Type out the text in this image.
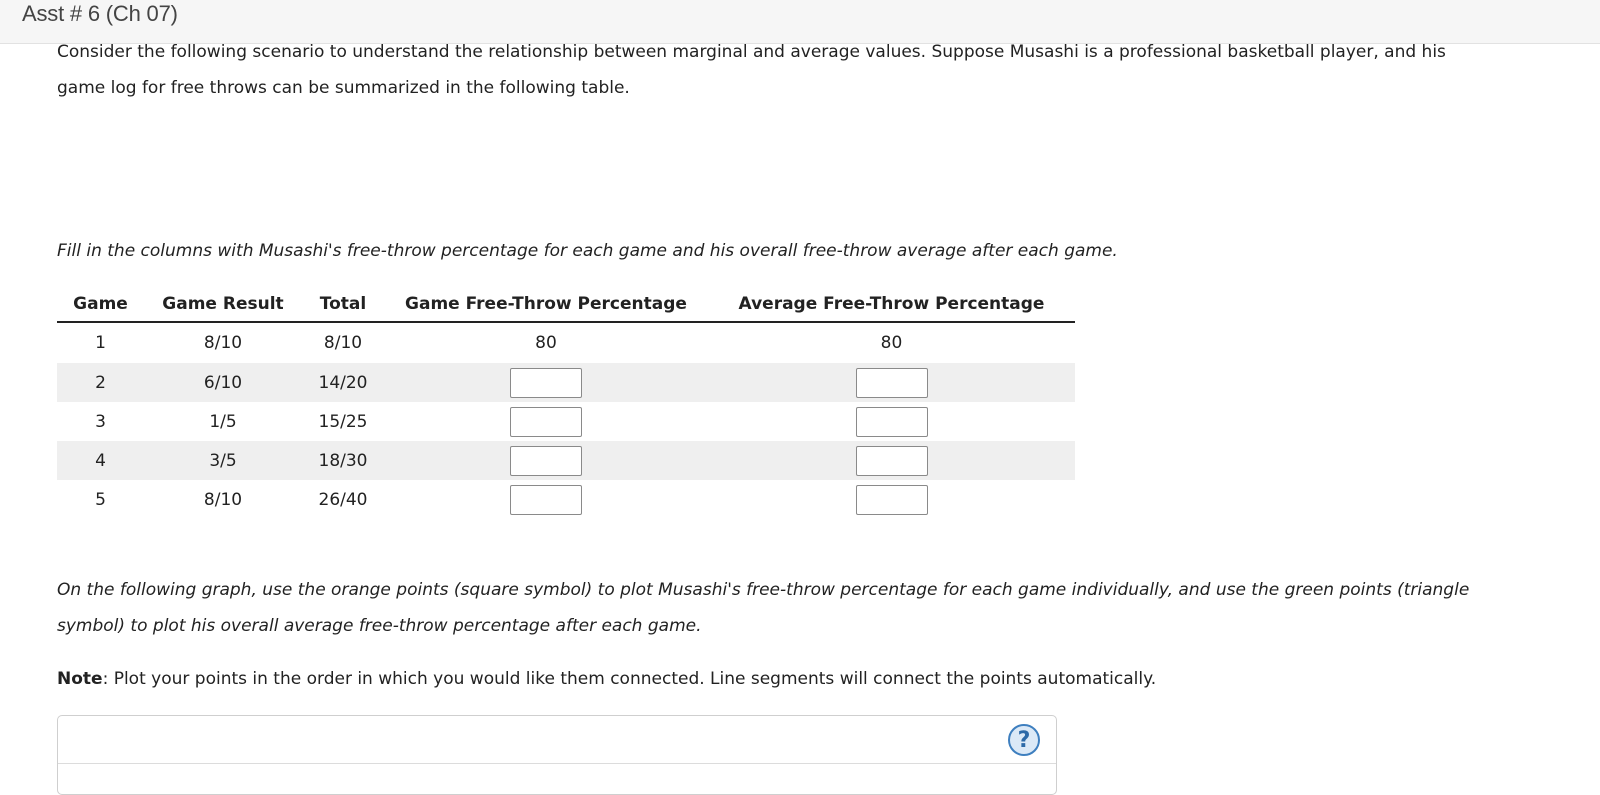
Asst # 6 (Ch 07)

Consider the following scenario to understand the relationship between marginal and average values. Suppose Musashi is a professional basketball player, and his game log for free throws can be summarized in the following table.

Fill in the columns with Musashi's free-throw percentage for each game and his overall free-throw average after each game.

Game	Game Result	Total	Game Free-Throw Percentage	Average Free-Throw Percentage
1	8/10	8/10	80	80
2	6/10	14/20		
3	1/5	15/25		
4	3/5	18/30		
5	8/10	26/40		

On the following graph, use the orange points (square symbol) to plot Musashi's free-throw percentage for each game individually, and use the green points (triangle symbol) to plot his overall average free-throw percentage after each game.

Note: Plot your points in the order in which you would like them connected. Line segments will connect the points automatically.

?
